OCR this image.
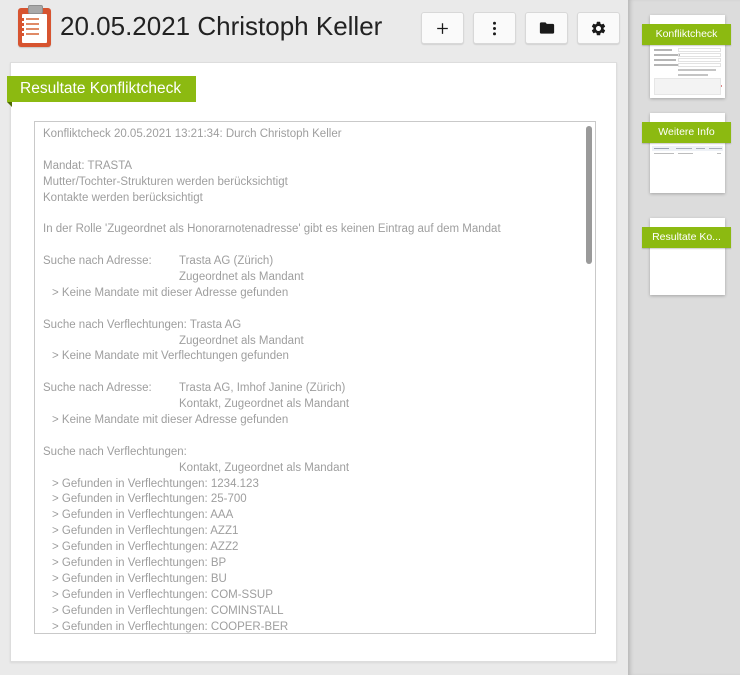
20.05.2021 Christoph Keller
Resultate Konfliktcheck
Konfliktcheck 20.05.2021 13:21:34: Durch Christoph Keller

Mandat: TRASTA
Mutter/Tochter-Strukturen werden berücksichtigt
Kontakte werden berücksichtigt

In der Rolle 'Zugeordnet als Honorarnotenadresse' gibt es keinen Eintrag auf dem Mandat

Suche nach Adresse: Trasta AG (Zürich)
Zugeordnet als Mandant
> Keine Mandate mit dieser Adresse gefunden

Suche nach Verflechtungen: Trasta AG
Zugeordnet als Mandant
> Keine Mandate mit Verflechtungen gefunden

Suche nach Adresse: Trasta AG, Imhof Janine (Zürich)
Kontakt, Zugeordnet als Mandant
> Keine Mandate mit dieser Adresse gefunden

Suche nach Verflechtungen:
Kontakt, Zugeordnet als Mandant
> Gefunden in Verflechtungen: 1234.123
> Gefunden in Verflechtungen: 25-700
> Gefunden in Verflechtungen: AAA
> Gefunden in Verflechtungen: AZZ1
> Gefunden in Verflechtungen: AZZ2
> Gefunden in Verflechtungen: BP
> Gefunden in Verflechtungen: BU
> Gefunden in Verflechtungen: COM-SSUP
> Gefunden in Verflechtungen: COMINSTALL
> Gefunden in Verflechtungen: COOPER-BER
Konfliktcheck
Weitere Info
Resultate Ko...
